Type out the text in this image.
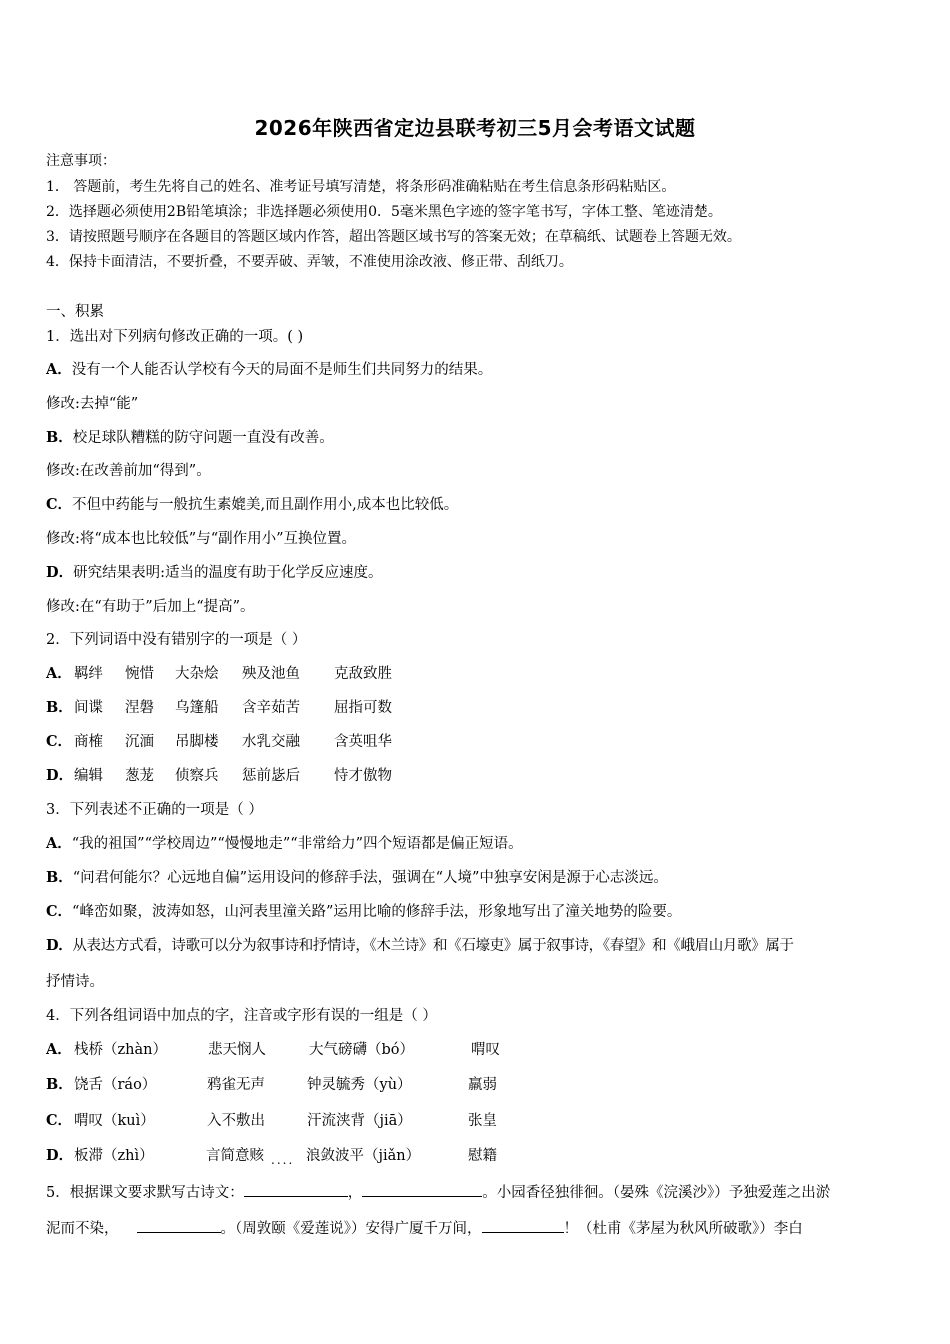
2026年陕西省定边县联考初三5月会考语文试题
注意事项：
1． 答题前，考生先将自己的姓名、准考证号填写清楚，将条形码准确粘贴在考生信息条形码粘贴区。
2．选择题必须使用2B铅笔填涂；非选择题必须使用0．5毫米黑色字迹的签字笔书写，字体工整、笔迹清楚。
3．请按照题号顺序在各题目的答题区域内作答，超出答题区域书写的答案无效；在草稿纸、试题卷上答题无效。
4．保持卡面清洁，不要折叠，不要弄破、弄皱，不准使用涂改液、修正带、刮纸刀。
一、积累
1．选出对下列病句修改正确的一项。( )
A．没有一个人能否认学校有今天的局面不是师生们共同努力的结果。
修改:去掉“能”
B．校足球队糟糕的防守问题一直没有改善。
修改:在改善前加“得到”。
C．不但中药能与一般抗生素媲美,而且副作用小,成本也比较低。
修改:将“成本也比较低”与“副作用小”互换位置。
D．研究结果表明:适当的温度有助于化学反应速度。
修改:在“有助于”后加上“提高”。
2．下列词语中没有错别字的一项是（ ）
A． 羁绊 惋惜 大杂烩 殃及池鱼 克敌致胜
B． 间谍 涅磐 乌篷船 含辛茹苦 屈指可数
C． 商榷 沉湎 吊脚楼 水乳交融 含英咀华
D． 编辑 葱茏 侦察兵 惩前毖后 恃才傲物
3．下列表述不正确的一项是（ ）
A．“我的祖国”“学校周边”“慢慢地走”“非常给力”四个短语都是偏正短语。
B．“问君何能尔？心远地自偏”运用设问的修辞手法，强调在“人境”中独享安闲是源于心志淡远。
C．“峰峦如聚，波涛如怒，山河表里潼关路”运用比喻的修辞手法，形象地写出了潼关地势的险要。
D．从表达方式看，诗歌可以分为叙事诗和抒情诗，《木兰诗》和《石壕吏》属于叙事诗，《春望》和《峨眉山月歌》属于
抒情诗。
4．下列各组词语中加点的字，注音或字形有误的一组是（ ）
A． 栈桥（zhàn）	悲天悯人	大气磅礴（bó）	喟叹
B． 饶舌（ráo）	鸦雀无声	钟灵毓秀（yù）	羸弱
C． 喟叹（kuì）	入不敷出	汗流浃背（jiā）	张皇
D． 板滞（zhì）	言简意赅 .... 浪敛波平（jiǎn）	慰籍
5．根据课文要求默写古诗文：	，	。小园香径独徘徊。（晏殊《浣溪沙》）予独爱莲之出淤
泥而不染，	。（周敦颐《爱莲说》）安得广厦千万间，	！（杜甫《茅屋为秋风所破歌》）李白
